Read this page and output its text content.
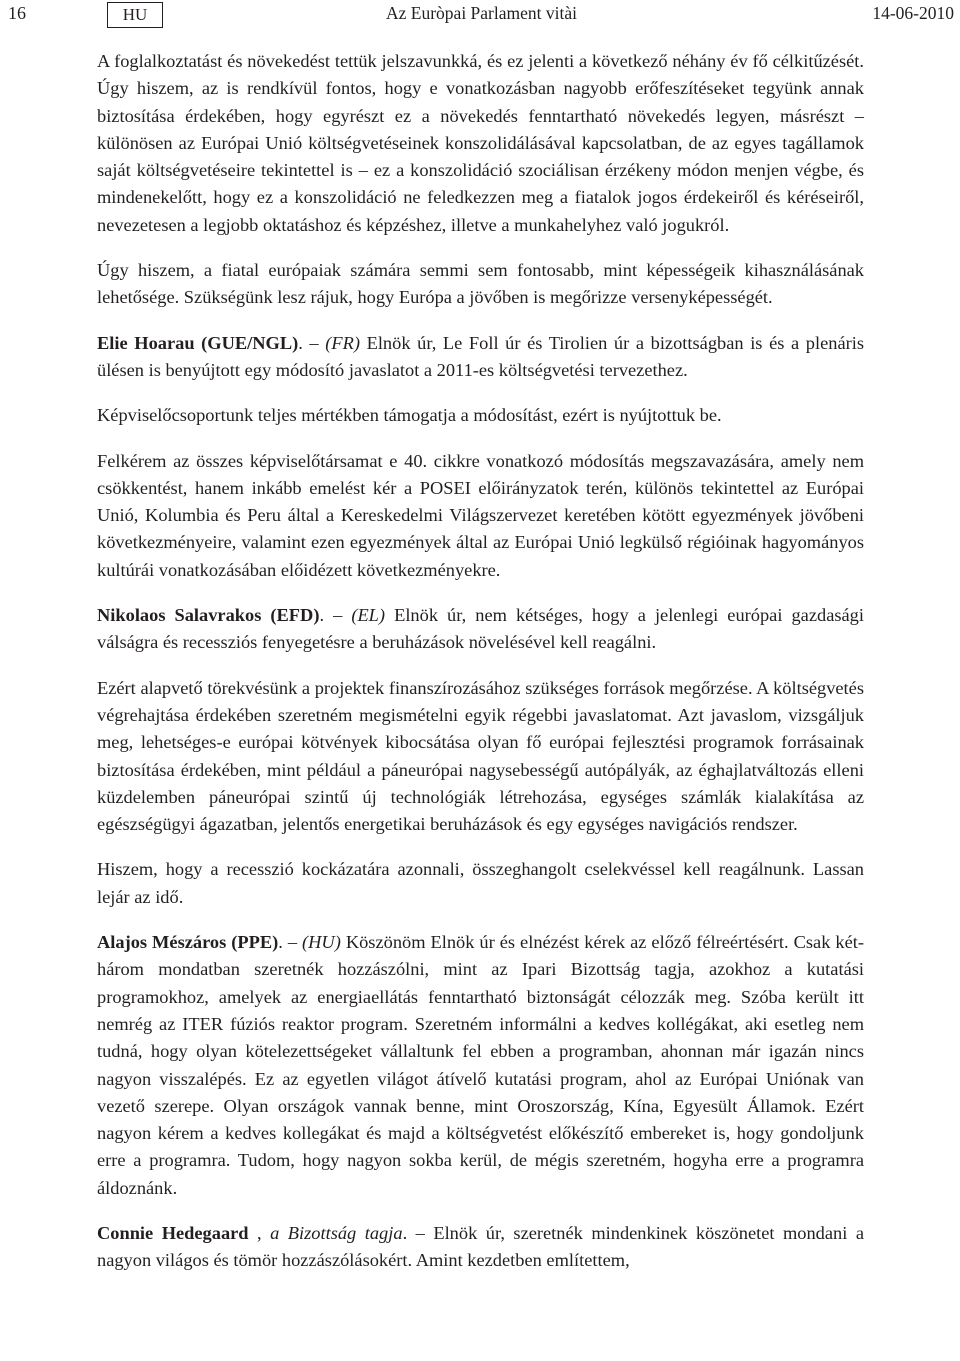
16	HU	Az Euròpai Parlament vitài	14-06-2010

A foglalkoztatást és növekedést tettük jelszavunkká, és ez jelenti a következő néhány év fő célkitűzését. Úgy hiszem, az is rendkívül fontos, hogy e vonatkozásban nagyobb erőfeszítéseket tegyünk annak biztosítása érdekében, hogy egyrészt ez a növekedés fenntartható növekedés legyen, másrészt – különösen az Európai Unió költségvetéseinek konszolidálásával kapcsolatban, de az egyes tagállamok saját költségvetéseire tekintettel is – ez a konszolidáció szociálisan érzékeny módon menjen végbe, és mindenekelőtt, hogy ez a konszolidáció ne feledkezzen meg a fiatalok jogos érdekeiről és kéréseiről, nevezetesen a legjobb oktatáshoz és képzéshez, illetve a munkahelyhez való jogukról.

Úgy hiszem, a fiatal európaiak számára semmi sem fontosabb, mint képességeik kihasználásának lehetősége. Szükségünk lesz rájuk, hogy Európa a jövőben is megőrizze versenyképességét.

Elie Hoarau (GUE/NGL). – (FR) Elnök úr, Le Foll úr és Tirolien úr a bizottságban is és a plenáris ülésen is benyújtott egy módosító javaslatot a 2011-es költségvetési tervezethez.

Képviselőcsoportunk teljes mértékben támogatja a módosítást, ezért is nyújtottuk be.

Felkérem az összes képviselőtársamat e 40. cikkre vonatkozó módosítás megszavazására, amely nem csökkentést, hanem inkább emelést kér a POSEI előirányzatok terén, különös tekintettel az Európai Unió, Kolumbia és Peru által a Kereskedelmi Világszervezet keretében kötött egyezmények jövőbeni következményeire, valamint ezen egyezmények által az Európai Unió legkülső régióinak hagyományos kultúrái vonatkozásában előidézett következményekre.

Nikolaos Salavrakos (EFD). – (EL) Elnök úr, nem kétséges, hogy a jelenlegi európai gazdasági válságra és recessziós fenyegetésre a beruházások növelésével kell reagálni.

Ezért alapvető törekvésünk a projektek finanszírozásához szükséges források megőrzése. A költségvetés végrehajtása érdekében szeretném megismételni egyik régebbi javaslatomat. Azt javaslom, vizsgáljuk meg, lehetséges-e európai kötvények kibocsátása olyan fő európai fejlesztési programok forrásainak biztosítása érdekében, mint például a páneurópai nagysebességű autópályák, az éghajlatváltozás elleni küzdelemben páneurópai szintű új technológiák létrehozása, egységes számlák kialakítása az egészségügyi ágazatban, jelentős energetikai beruházások és egy egységes navigációs rendszer.

Hiszem, hogy a recesszió kockázatára azonnali, összeghangolt cselekvéssel kell reagálnunk. Lassan lejár az idő.

Alajos Mészáros (PPE). – (HU) Köszönöm Elnök úr és elnézést kérek az előző félreértésért. Csak két-három mondatban szeretnék hozzászólni, mint az Ipari Bizottság tagja, azokhoz a kutatási programokhoz, amelyek az energiaellátás fenntartható biztonságát célozzák meg. Szóba került itt nemrég az ITER fúziós reaktor program. Szeretném informálni a kedves kollégákat, aki esetleg nem tudná, hogy olyan kötelezettségeket vállaltunk fel ebben a programban, ahonnan már igazán nincs nagyon visszalépés. Ez az egyetlen világot átívelő kutatási program, ahol az Európai Uniónak van vezető szerepe. Olyan országok vannak benne, mint Oroszország, Kína, Egyesült Államok. Ezért nagyon kérem a kedves kollegákat és majd a költségvetést előkészítő embereket is, hogy gondoljunk erre a programra. Tudom, hogy nagyon sokba kerül, de mégis szeretném, hogyha erre a programra áldoznánk.

Connie Hedegaard , a Bizottság tagja. – Elnök úr, szeretnék mindenkinek köszönetet mondani a nagyon világos és tömör hozzászólásokért. Amint kezdetben említettem,
